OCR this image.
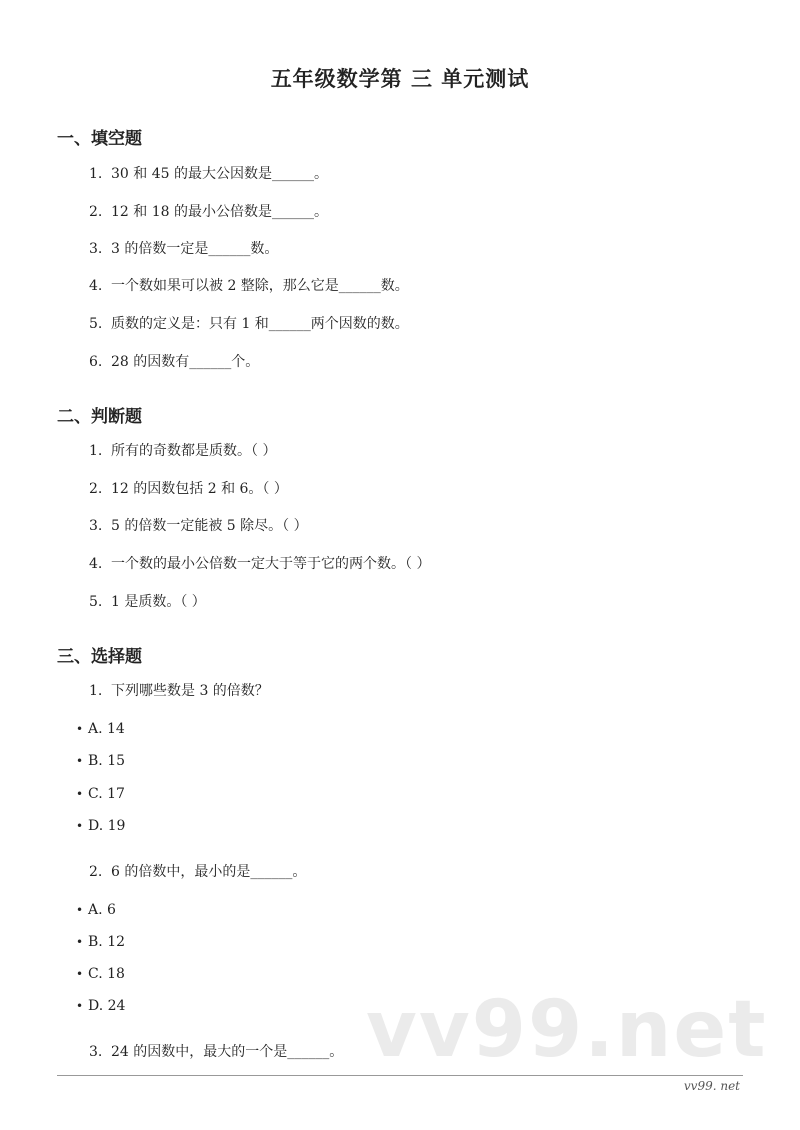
五年级数学第 三 单元测试
一、填空题
1. 30 和 45 的最大公因数是______。
2. 12 和 18 的最小公倍数是______。
3. 3 的倍数一定是______数。
4. 一个数如果可以被 2 整除，那么它是______数。
5. 质数的定义是：只有 1 和______两个因数的数。
6. 28 的因数有______个。
二、判断题
1. 所有的奇数都是质数。（ ）
2. 12 的因数包括 2 和 6。（ ）
3. 5 的倍数一定能被 5 除尽。（ ）
4. 一个数的最小公倍数一定大于等于它的两个数。（ ）
5. 1 是质数。（ ）
三、选择题
1. 下列哪些数是 3 的倍数？
• A. 14
• B. 15
• C. 17
• D. 19
2. 6 的倍数中，最小的是______。
• A. 6
• B. 12
• C. 18
• D. 24	vv99.net
3. 24 的因数中，最大的一个是______。
vv99. net
